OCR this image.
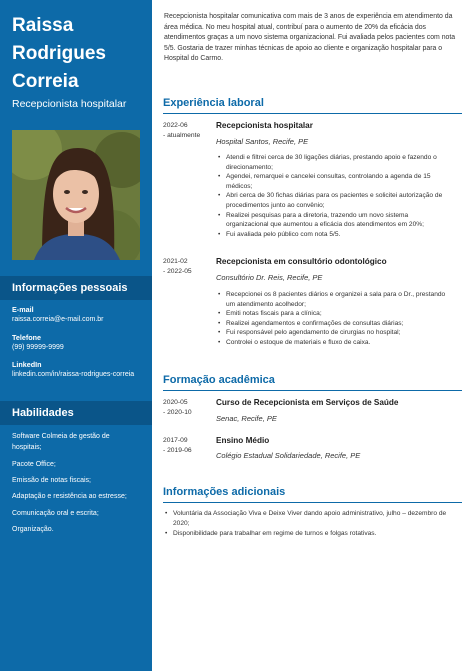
Raissa
Rodrigues
Correia
Recepcionista hospitalar
Informações pessoais
E-mail
raissa.correia@e-mail.com.br
Telefone
(99) 99999-9999
LinkedIn
linkedin.com/in/raissa-rodrigues-correia
Habilidades
Software Colmeia de gestão de hospitais;
Pacote Office;
Emissão de notas fiscais;
Adaptação e resistência ao estresse;
Comunicação oral e escrita;
Organização.
Recepcionista hospitalar comunicativa com mais de 3 anos de experiência em atendimento da área médica. No meu hospital atual, contribuí para o aumento de 20% da eficácia dos atendimentos graças a um novo sistema organizacional. Fui avaliada pelos pacientes com nota 5/5. Gostaria de trazer minhas técnicas de apoio ao cliente e organização hospitalar para o Hospital do Carmo.
Experiência laboral
2022-06
- atualmente
Recepcionista hospitalar
Hospital Santos, Recife, PE
• Atendi e filtrei cerca de 30 ligações diárias, prestando apoio e fazendo o direcionamento;
• Agendei, remarquei e cancelei consultas, controlando a agenda de 15 médicos;
• Abri cerca de 30 fichas diárias para os pacientes e solicitei autorização de procedimentos junto ao convênio;
• Realizei pesquisas para a diretoria, trazendo um novo sistema organizacional que aumentou a eficácia dos atendimentos em 20%;
• Fui avaliada pelo público com nota 5/5.
2021-02
- 2022-05
Recepcionista em consultório odontológico
Consultório Dr. Reis, Recife, PE
• Recepcionei os 8 pacientes diários e organizei a sala para o Dr., prestando um atendimento acolhedor;
• Emiti notas fiscais para a clínica;
• Realizei agendamentos e confirmações de consultas diárias;
• Fui responsável pelo agendamento de cirurgias no hospital;
• Controlei o estoque de materiais e fluxo de caixa.
Formação acadêmica
2020-05
- 2020-10
Curso de Recepcionista em Serviços de Saúde
Senac, Recife, PE
2017-09
- 2019-06
Ensino Médio
Colégio Estadual Solidariedade, Recife, PE
Informações adicionais
• Voluntária da Associação Viva e Deixe Viver dando apoio administrativo, julho – dezembro de 2020;
• Disponibilidade para trabalhar em regime de turnos e folgas rotativas.
